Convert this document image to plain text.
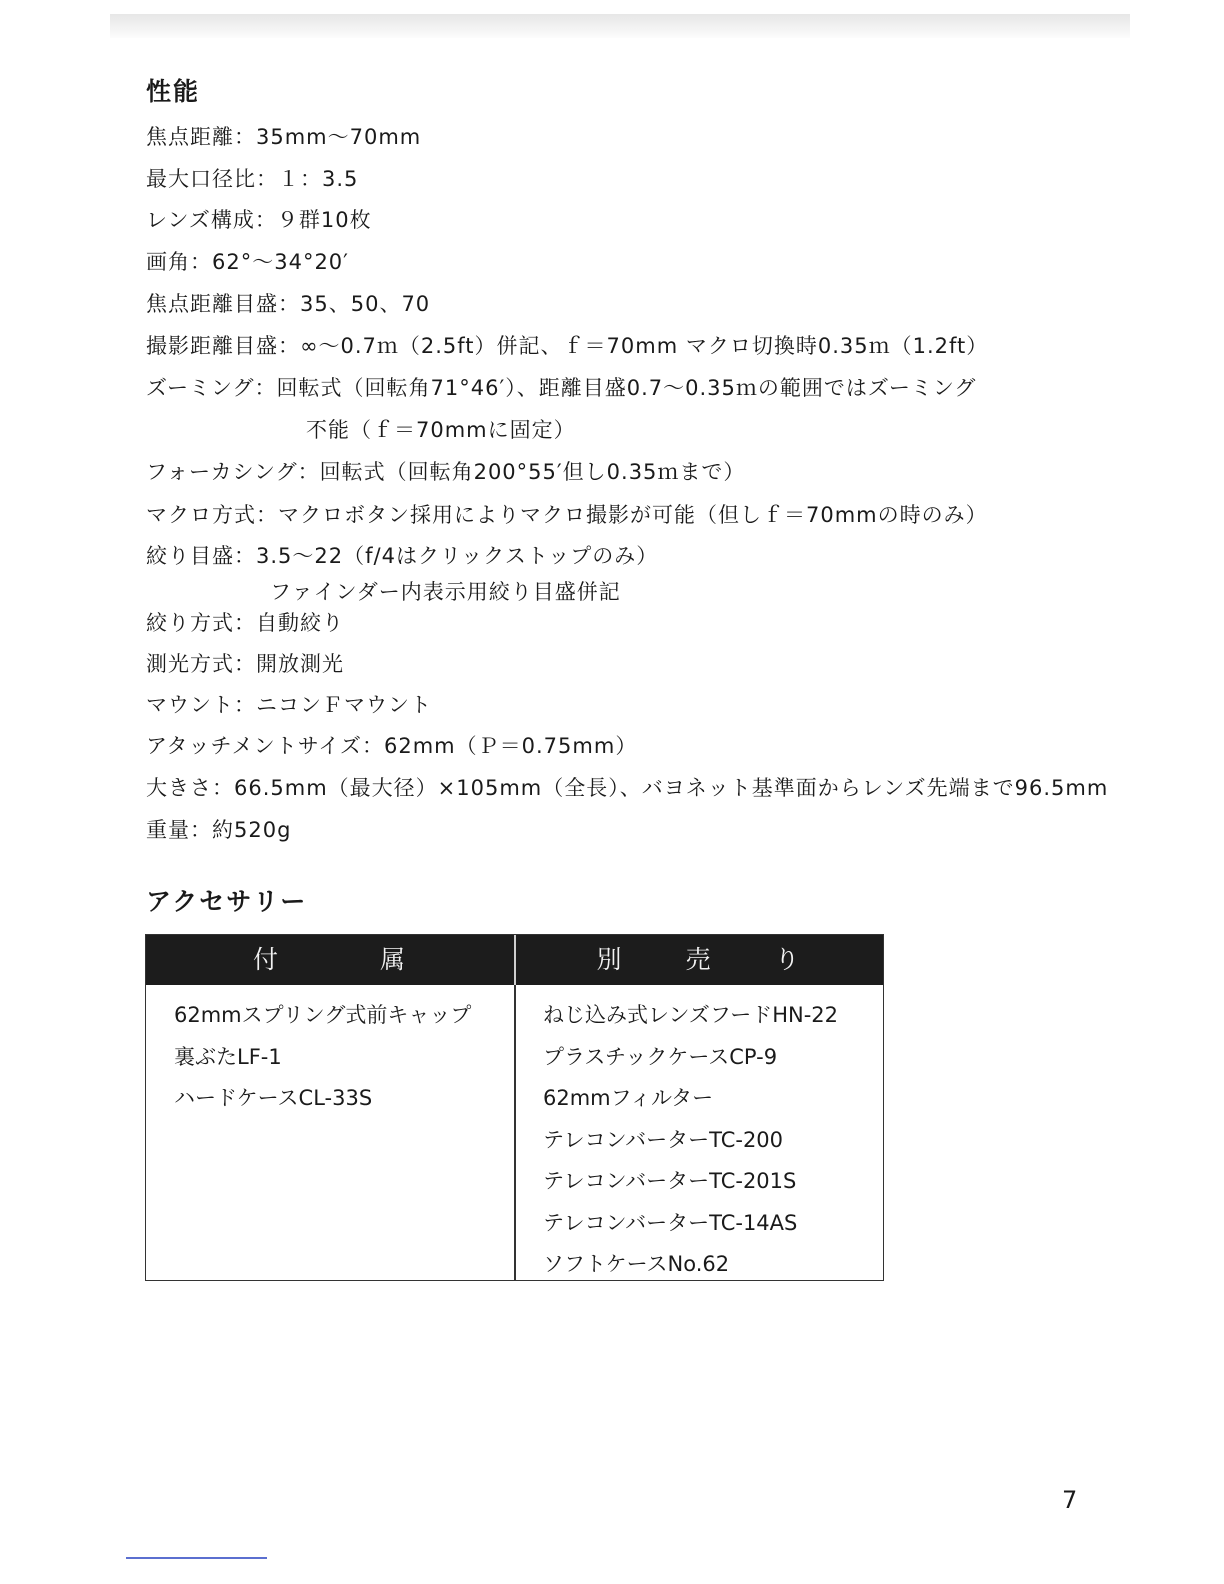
性能
焦点距離：35mm～70mm
最大口径比：１：3.5
レンズ構成：９群10枚
画角：62°～34°20′
焦点距離目盛：35、50、70
撮影距離目盛：∞～0.7ｍ（2.5ft）併記、ｆ＝70mm マクロ切換時0.35ｍ（1.2ft）
ズーミング：回転式（回転角71°46′）、距離目盛0.7～0.35ｍの範囲ではズーミング
不能（ｆ＝70mmに固定）
フォーカシング：回転式（回転角200°55′但し0.35ｍまで）
マクロ方式：マクロボタン採用によりマクロ撮影が可能（但しｆ＝70mmの時のみ）
絞り目盛：3.5～22（f/4はクリックストップのみ）
ファインダー内表示用絞り目盛併記
絞り方式：自動絞り
測光方式：開放測光
マウント：ニコンＦマウント
アタッチメントサイズ：62mm（Ｐ＝0.75mm）
大きさ：66.5mm（最大径）×105mm（全長）、バヨネット基準面からレンズ先端まで96.5mm
重量：約520g
アクセサリー
付	属	別 売 り
62mmスプリング式前キャップ
裏ぶたLF-1
ハードケースCL-33S
ねじ込み式レンズフードHN-22
プラスチックケースCP-9
62mmフィルター
テレコンバーターTC-200
テレコンバーターTC-201S
テレコンバーターTC-14AS
ソフトケースNo.62
7
